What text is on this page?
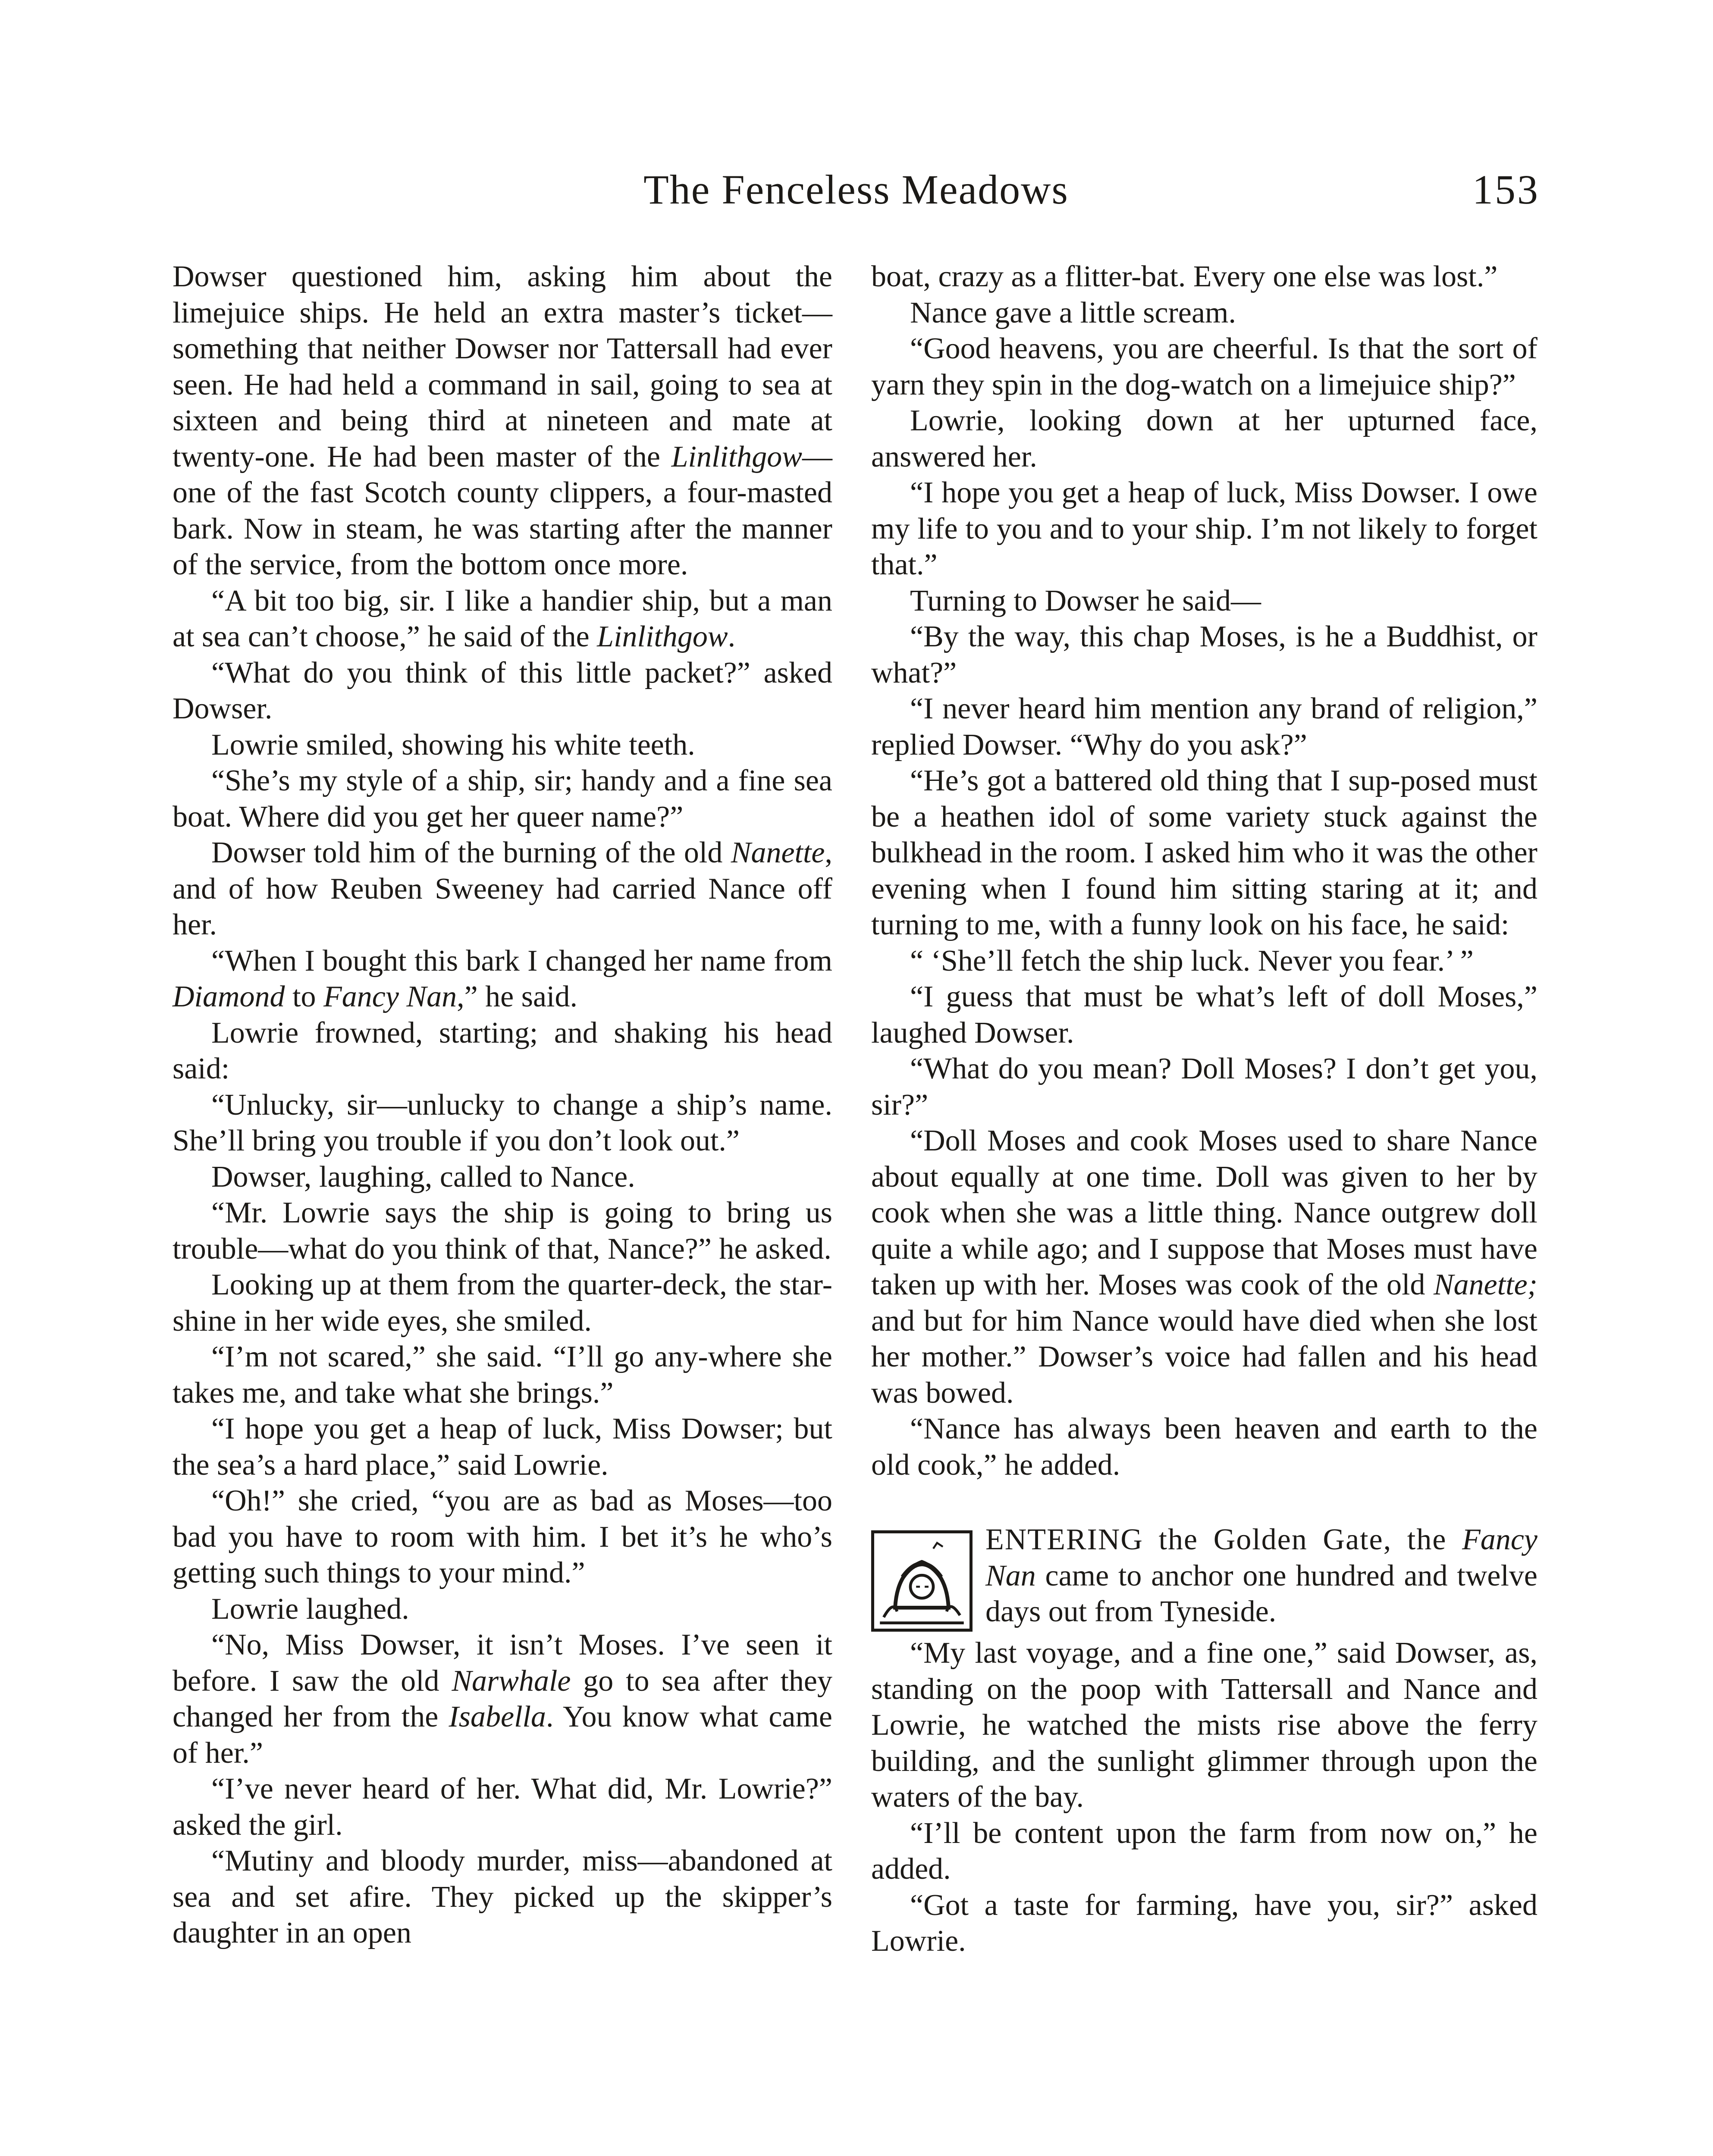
The Fenceless Meadows	153

Dowser questioned him, asking him about the limejuice ships. He held an extra master’s ticket—something that neither Dowser nor Tattersall had ever seen. He had held a command in sail, going to sea at sixteen and being third at nineteen and mate at twenty-one. He had been master of the Linlithgow—one of the fast Scotch county clippers, a four-masted bark. Now in steam, he was starting after the manner of the service, from the bottom once more.

“A bit too big, sir. I like a handier ship, but a man at sea can’t choose,” he said of the Linlithgow.

“What do you think of this little packet?” asked Dowser.

Lowrie smiled, showing his white teeth.

“She’s my style of a ship, sir; handy and a fine sea boat. Where did you get her queer name?”

Dowser told him of the burning of the old Nanette, and of how Reuben Sweeney had carried Nance off her.

“When I bought this bark I changed her name from Diamond to Fancy Nan,” he said.

Lowrie frowned, starting; and shaking his head said:

“Unlucky, sir—unlucky to change a ship’s name. She’ll bring you trouble if you don’t look out.”

Dowser, laughing, called to Nance.

“Mr. Lowrie says the ship is going to bring us trouble—what do you think of that, Nance?” he asked.

Looking up at them from the quarter-deck, the star-shine in her wide eyes, she smiled.

“I’m not scared,” she said. “I’ll go any-where she takes me, and take what she brings.”

“I hope you get a heap of luck, Miss Dowser; but the sea’s a hard place,” said Lowrie.

“Oh!” she cried, “you are as bad as Moses—too bad you have to room with him. I bet it’s he who’s getting such things to your mind.”

Lowrie laughed.

“No, Miss Dowser, it isn’t Moses. I’ve seen it before. I saw the old Narwhale go to sea after they changed her from the Isabella. You know what came of her.”

“I’ve never heard of her. What did, Mr. Lowrie?” asked the girl.

“Mutiny and bloody murder, miss—abandoned at sea and set afire. They picked up the skipper’s daughter in an open

boat, crazy as a flitter-bat. Every one else was lost.”

Nance gave a little scream.

“Good heavens, you are cheerful. Is that the sort of yarn they spin in the dog-watch on a limejuice ship?”

Lowrie, looking down at her upturned face, answered her.

“I hope you get a heap of luck, Miss Dowser. I owe my life to you and to your ship. I’m not likely to forget that.”

Turning to Dowser he said—

“By the way, this chap Moses, is he a Buddhist, or what?”

“I never heard him mention any brand of religion,” replied Dowser. “Why do you ask?”

“He’s got a battered old thing that I sup-posed must be a heathen idol of some variety stuck against the bulkhead in the room. I asked him who it was the other evening when I found him sitting staring at it; and turning to me, with a funny look on his face, he said:

“ ‘She’ll fetch the ship luck. Never you fear.’ ”

“I guess that must be what’s left of doll Moses,” laughed Dowser.

“What do you mean? Doll Moses? I don’t get you, sir?”

“Doll Moses and cook Moses used to share Nance about equally at one time. Doll was given to her by cook when she was a little thing. Nance outgrew doll quite a while ago; and I suppose that Moses must have taken up with her. Moses was cook of the old Nanette; and but for him Nance would have died when she lost her mother.” Dowser’s voice had fallen and his head was bowed.

“Nance has always been heaven and earth to the old cook,” he added.

ENTERING the Golden Gate, the Fancy Nan came to anchor one hundred and twelve days out from Tyneside.

“My last voyage, and a fine one,” said Dowser, as, standing on the poop with Tattersall and Nance and Lowrie, he watched the mists rise above the ferry building, and the sunlight glimmer through upon the waters of the bay.

“I’ll be content upon the farm from now on,” he added.

“Got a taste for farming, have you, sir?” asked Lowrie.
